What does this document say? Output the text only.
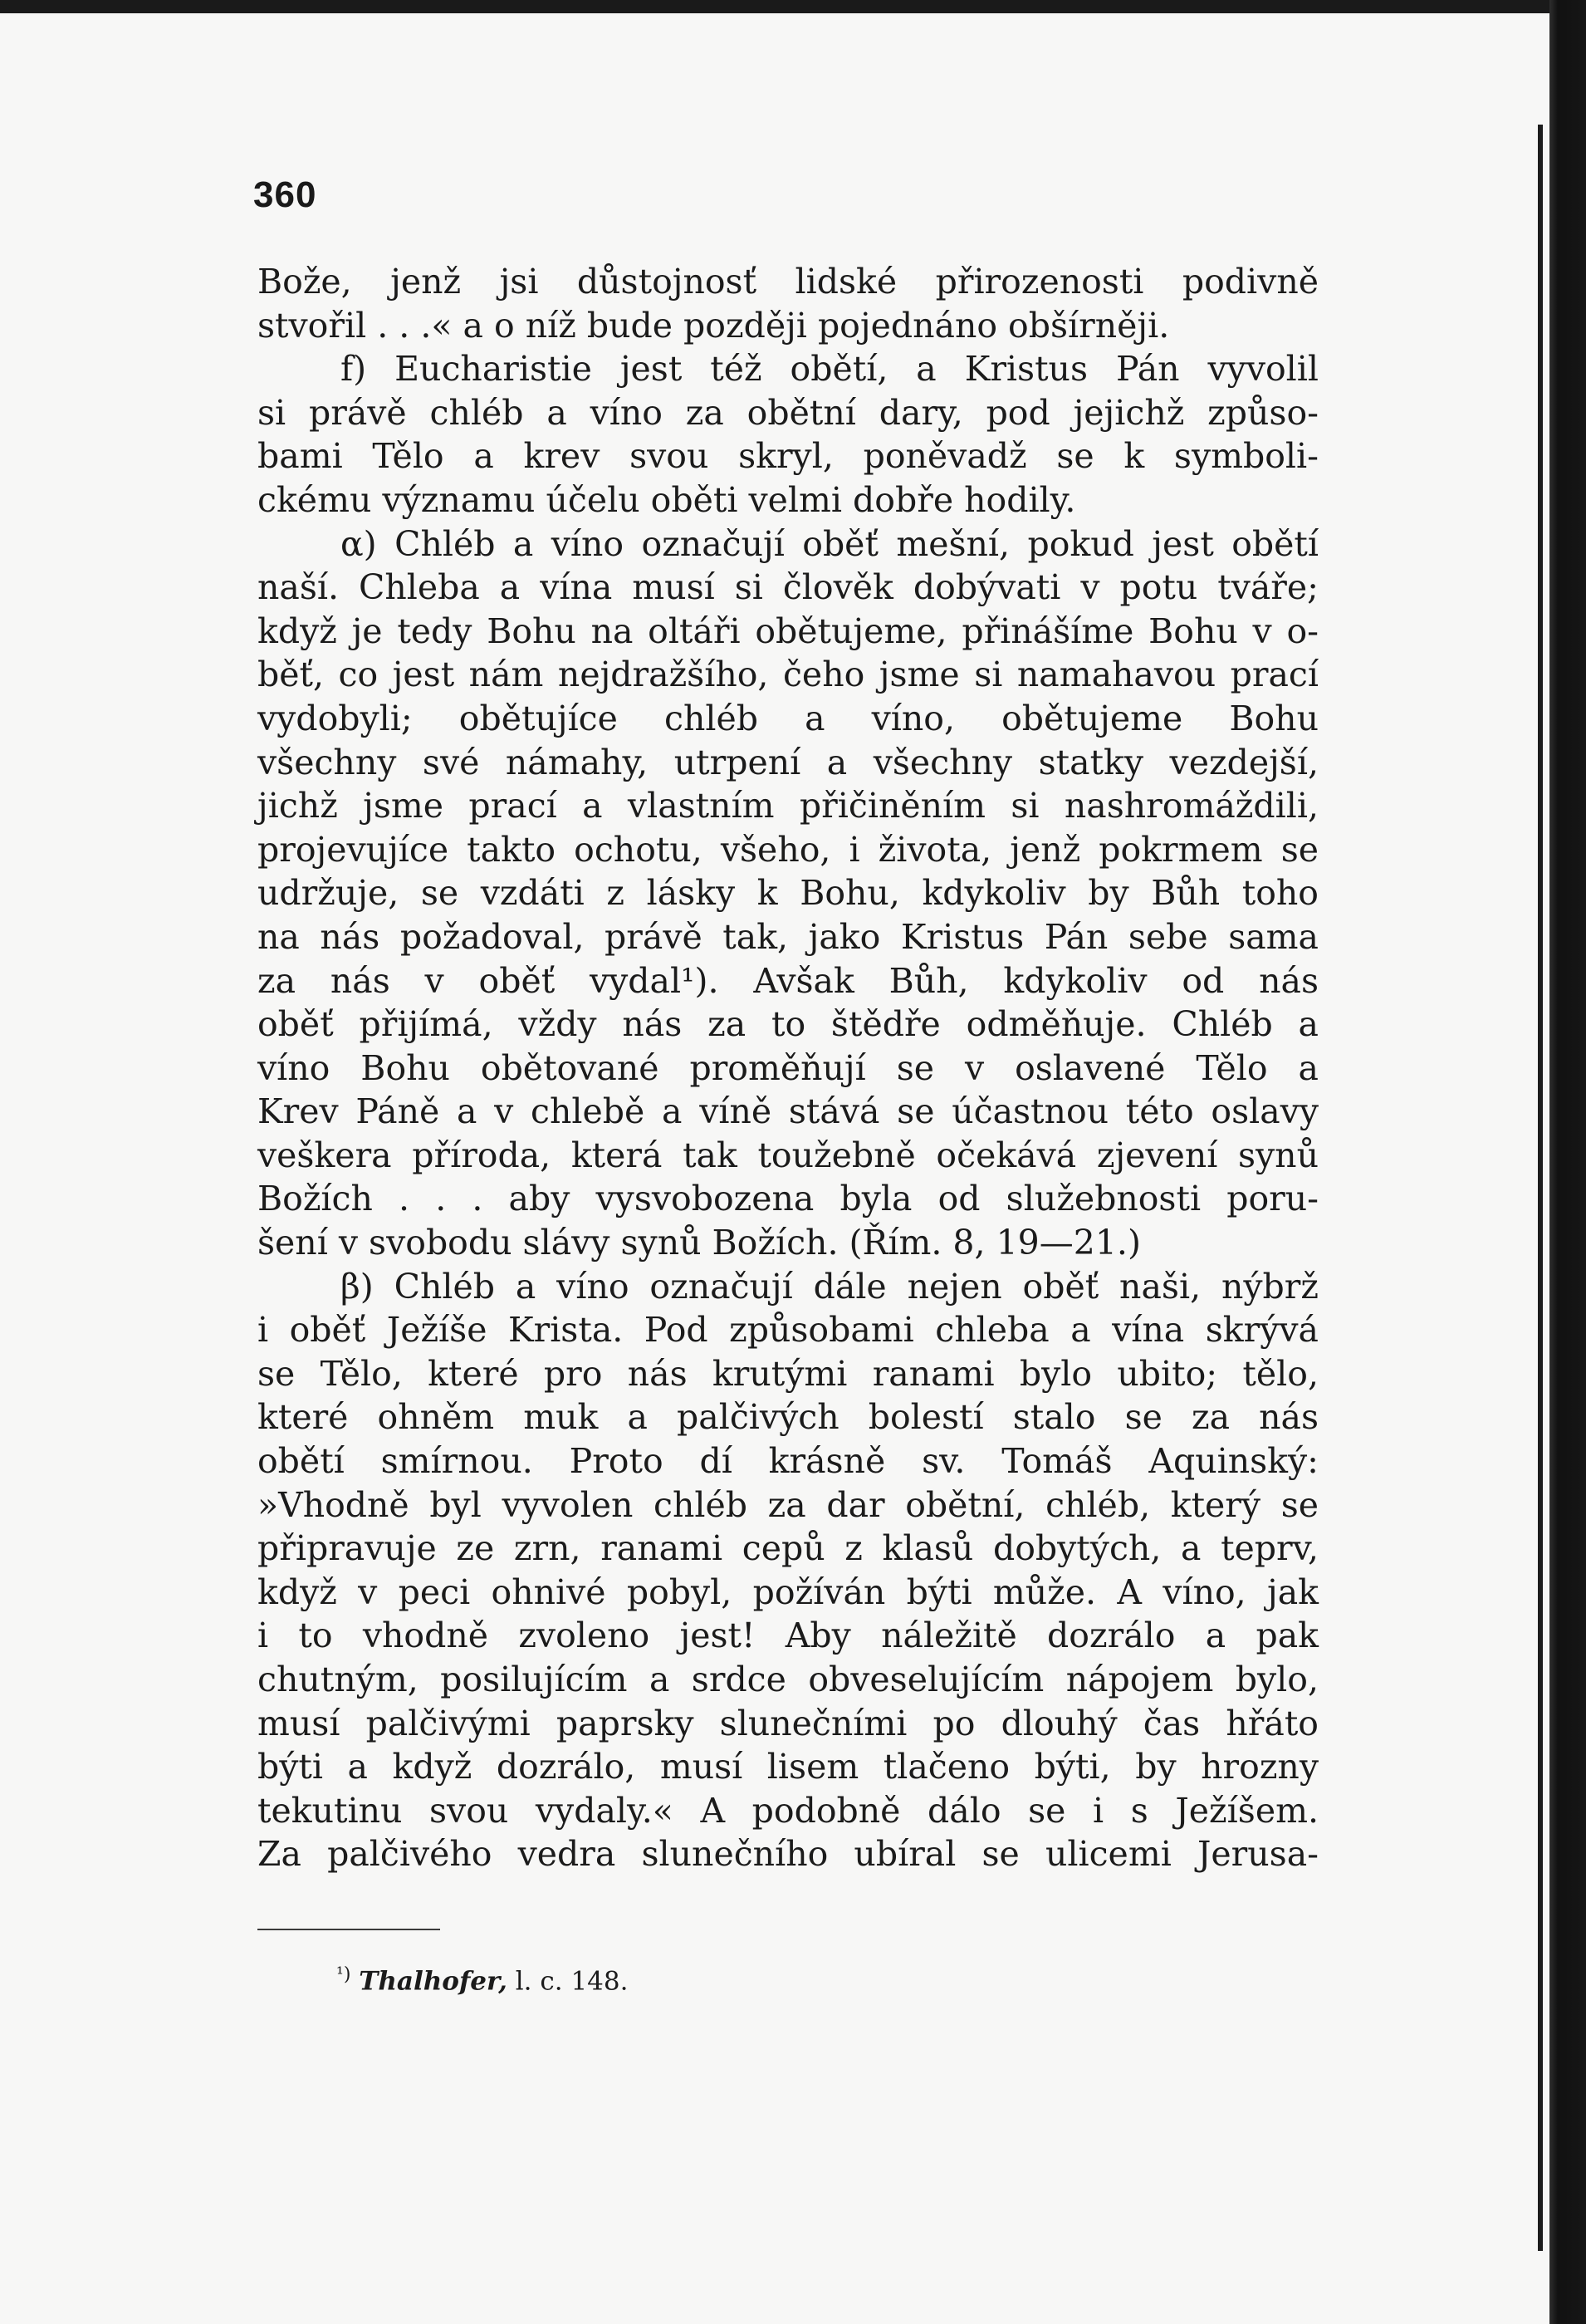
360
Bože, jenž jsi důstojnosť lidské přirozenosti podivně
stvořil . . .« a o níž bude později pojednáno obšírněji.
f) Eucharistie jest též obětí, a Kristus Pán vyvolil
si právě chléb a víno za obětní dary, pod jejichž způso-
bami Tělo a krev svou skryl, poněvadž se k symboli-
ckému významu účelu oběti velmi dobře hodily.
α) Chléb a víno označují oběť mešní, pokud jest obětí
naší. Chleba a vína musí si člověk dobývati v potu tváře;
když je tedy Bohu na oltáři obětujeme, přinášíme Bohu v o-
běť, co jest nám nejdražšího, čeho jsme si namahavou prací
vydobyli; obětujíce chléb a víno, obětujeme Bohu
všechny své námahy, utrpení a všechny statky vezdejší,
jichž jsme prací a vlastním přičiněním si nashromáždili,
projevujíce takto ochotu, všeho, i života, jenž pokrmem se
udržuje, se vzdáti z lásky k Bohu, kdykoliv by Bůh toho
na nás požadoval, právě tak, jako Kristus Pán sebe sama
za nás v oběť vydal¹). Avšak Bůh, kdykoliv od nás
oběť přijímá, vždy nás za to štědře odměňuje. Chléb a
víno Bohu obětované proměňují se v oslavené Tělo a
Krev Páně a v chlebě a víně stává se účastnou této oslavy
veškera příroda, která tak toužebně očekává zjevení synů
Božích . . . aby vysvobozena byla od služebnosti poru-
šení v svobodu slávy synů Božích. (Řím. 8, 19—21.)
β) Chléb a víno označují dále nejen oběť naši, nýbrž
i oběť Ježíše Krista. Pod způsobami chleba a vína skrývá
se Tělo, které pro nás krutými ranami bylo ubito; tělo,
které ohněm muk a palčivých bolestí stalo se za nás
obětí smírnou. Proto dí krásně sv. Tomáš Aquinský:
»Vhodně byl vyvolen chléb za dar obětní, chléb, který se
připravuje ze zrn, ranami cepů z klasů dobytých, a teprv,
když v peci ohnivé pobyl, požíván býti může. A víno, jak
i to vhodně zvoleno jest! Aby náležitě dozrálo a pak
chutným, posilujícím a srdce obveselujícím nápojem bylo,
musí palčivými paprsky slunečními po dlouhý čas hřáto
býti a když dozrálo, musí lisem tlačeno býti, by hrozny
tekutinu svou vydaly.« A podobně dálo se i s Ježíšem.
Za palčivého vedra slunečního ubíral se ulicemi Jerusa-
$^{^1)}$ Thalhofer, l. c. 148.
